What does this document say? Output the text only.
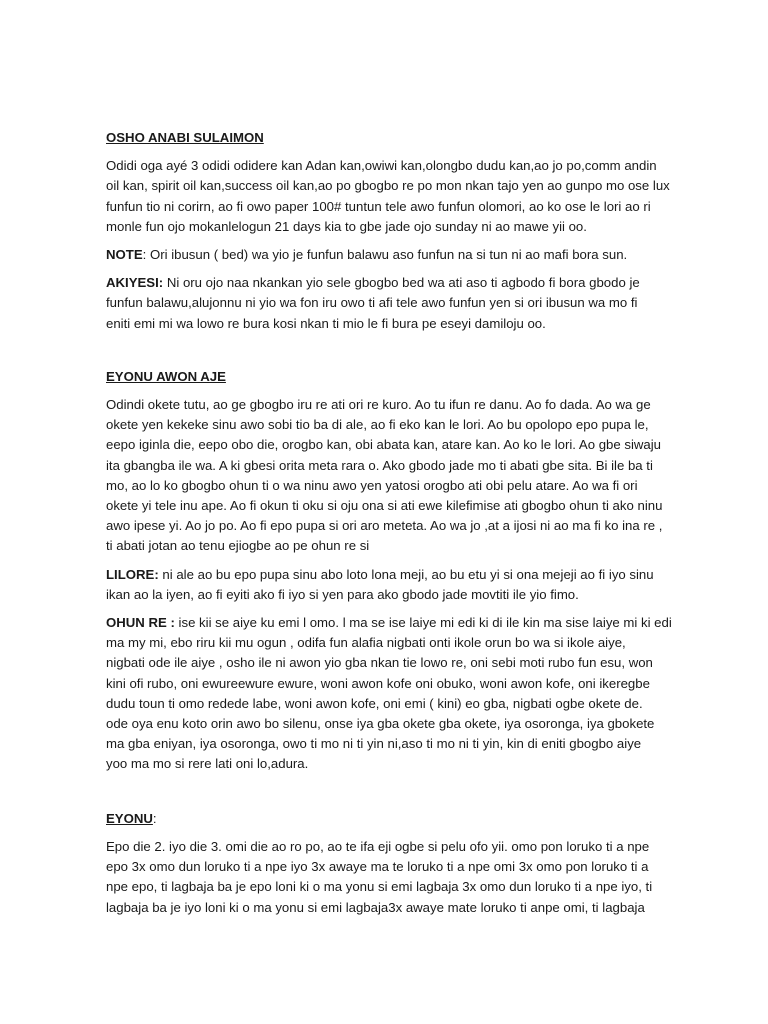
OSHO ANABI SULAIMON

Odidi oga ayé 3 odidi odidere kan Adan kan,owiwi kan,olongbo dudu kan,ao jo po,comm andin
oil kan, spirit oil kan,success oil kan,ao po gbogbo re po mon nkan tajo yen ao gunpo mo ose lux
funfun tio ni corirn, ao fi owo paper 100# tuntun tele awo funfun olomori, ao ko ose le lori ao ri
monle fun ojo mokanlelogun 21 days kia to gbe jade ojo sunday ni ao mawe yii oo.

NOTE: Ori ibusun ( bed) wa yio je funfun balawu aso funfun na si tun ni ao mafi bora sun.

AKIYESI: Ni oru ojo naa nkankan yio sele gbogbo bed wa ati aso ti agbodo fi bora gbodo je
funfun balawu,alujonnu ni yio wa fon iru owo ti afi tele awo funfun yen si ori ibusun wa mo fi
eniti emi mi wa lowo re bura kosi nkan ti mio le fi bura pe eseyi damiloju oo.

EYONU AWON AJE

Odindi okete tutu, ao ge gbogbo iru re ati ori re kuro. Ao tu ifun re danu. Ao fo dada. Ao wa ge
okete yen kekeke sinu awo sobi tio ba di ale, ao fi eko kan le lori. Ao bu opolopo epo pupa le,
eepo iginla die, eepo obo die, orogbo kan, obi abata kan, atare kan. Ao ko le lori. Ao gbe siwaju
ita gbangba ile wa. A ki gbesi orita meta rara o. Ako gbodo jade mo ti abati gbe sita. Bi ile ba ti
mo, ao lo ko gbogbo ohun ti o wa ninu awo yen yatosi orogbo ati obi pelu atare. Ao wa fi ori
okete yi tele inu ape. Ao fi okun ti oku si oju ona si ati ewe kilefimise ati gbogbo ohun ti ako ninu
awo ipese yi. Ao jo po. Ao fi epo pupa si ori aro meteta. Ao wa jo ,at a ijosi ni ao ma fi ko ina re ,
ti abati jotan ao tenu ejiogbe ao pe ohun re si

LILORE: ni ale ao bu epo pupa sinu abo loto lona meji, ao bu etu yi si ona mejeji ao fi iyo sinu
ikan ao la iyen, ao fi eyiti ako fi iyo si yen para ako gbodo jade movtiti ile yio fimo.

OHUN RE : ise kii se aiye ku emi l omo. l ma se ise laiye mi edi ki di ile kin ma sise laiye mi ki edi
ma my mi, ebo riru kii mu ogun , odifa fun alafia nigbati onti ikole orun bo wa si ikole aiye,
nigbati ode ile aiye , osho ile ni awon yio gba nkan tie lowo re, oni sebi moti rubo fun esu, won
kini ofi rubo, oni ewureewure ewure, woni awon kofe oni obuko, woni awon kofe, oni ikeregbe
dudu toun ti omo redede labe, woni awon kofe, oni emi ( kini) eo gba, nigbati ogbe okete de.
ode oya enu koto orin awo bo silenu, onse iya gba okete gba okete, iya osoronga, iya gbokete
ma gba eniyan, iya osoronga, owo ti mo ni ti yin ni,aso ti mo ni ti yin, kin di eniti gbogbo aiye
yoo ma mo si rere lati oni lo,adura.

EYONU:

Epo die 2. iyo die 3. omi die ao ro po, ao te ifa eji ogbe si pelu ofo yii. omo pon loruko ti a npe
epo 3x omo dun loruko ti a npe iyo 3x awaye ma te loruko ti a npe omi 3x omo pon loruko ti a
npe epo, ti lagbaja ba je epo loni ki o ma yonu si emi lagbaja 3x omo dun loruko ti a npe iyo, ti
lagbaja ba je iyo loni ki o ma yonu si emi lagbaja3x awaye mate loruko ti anpe omi, ti lagbaja
